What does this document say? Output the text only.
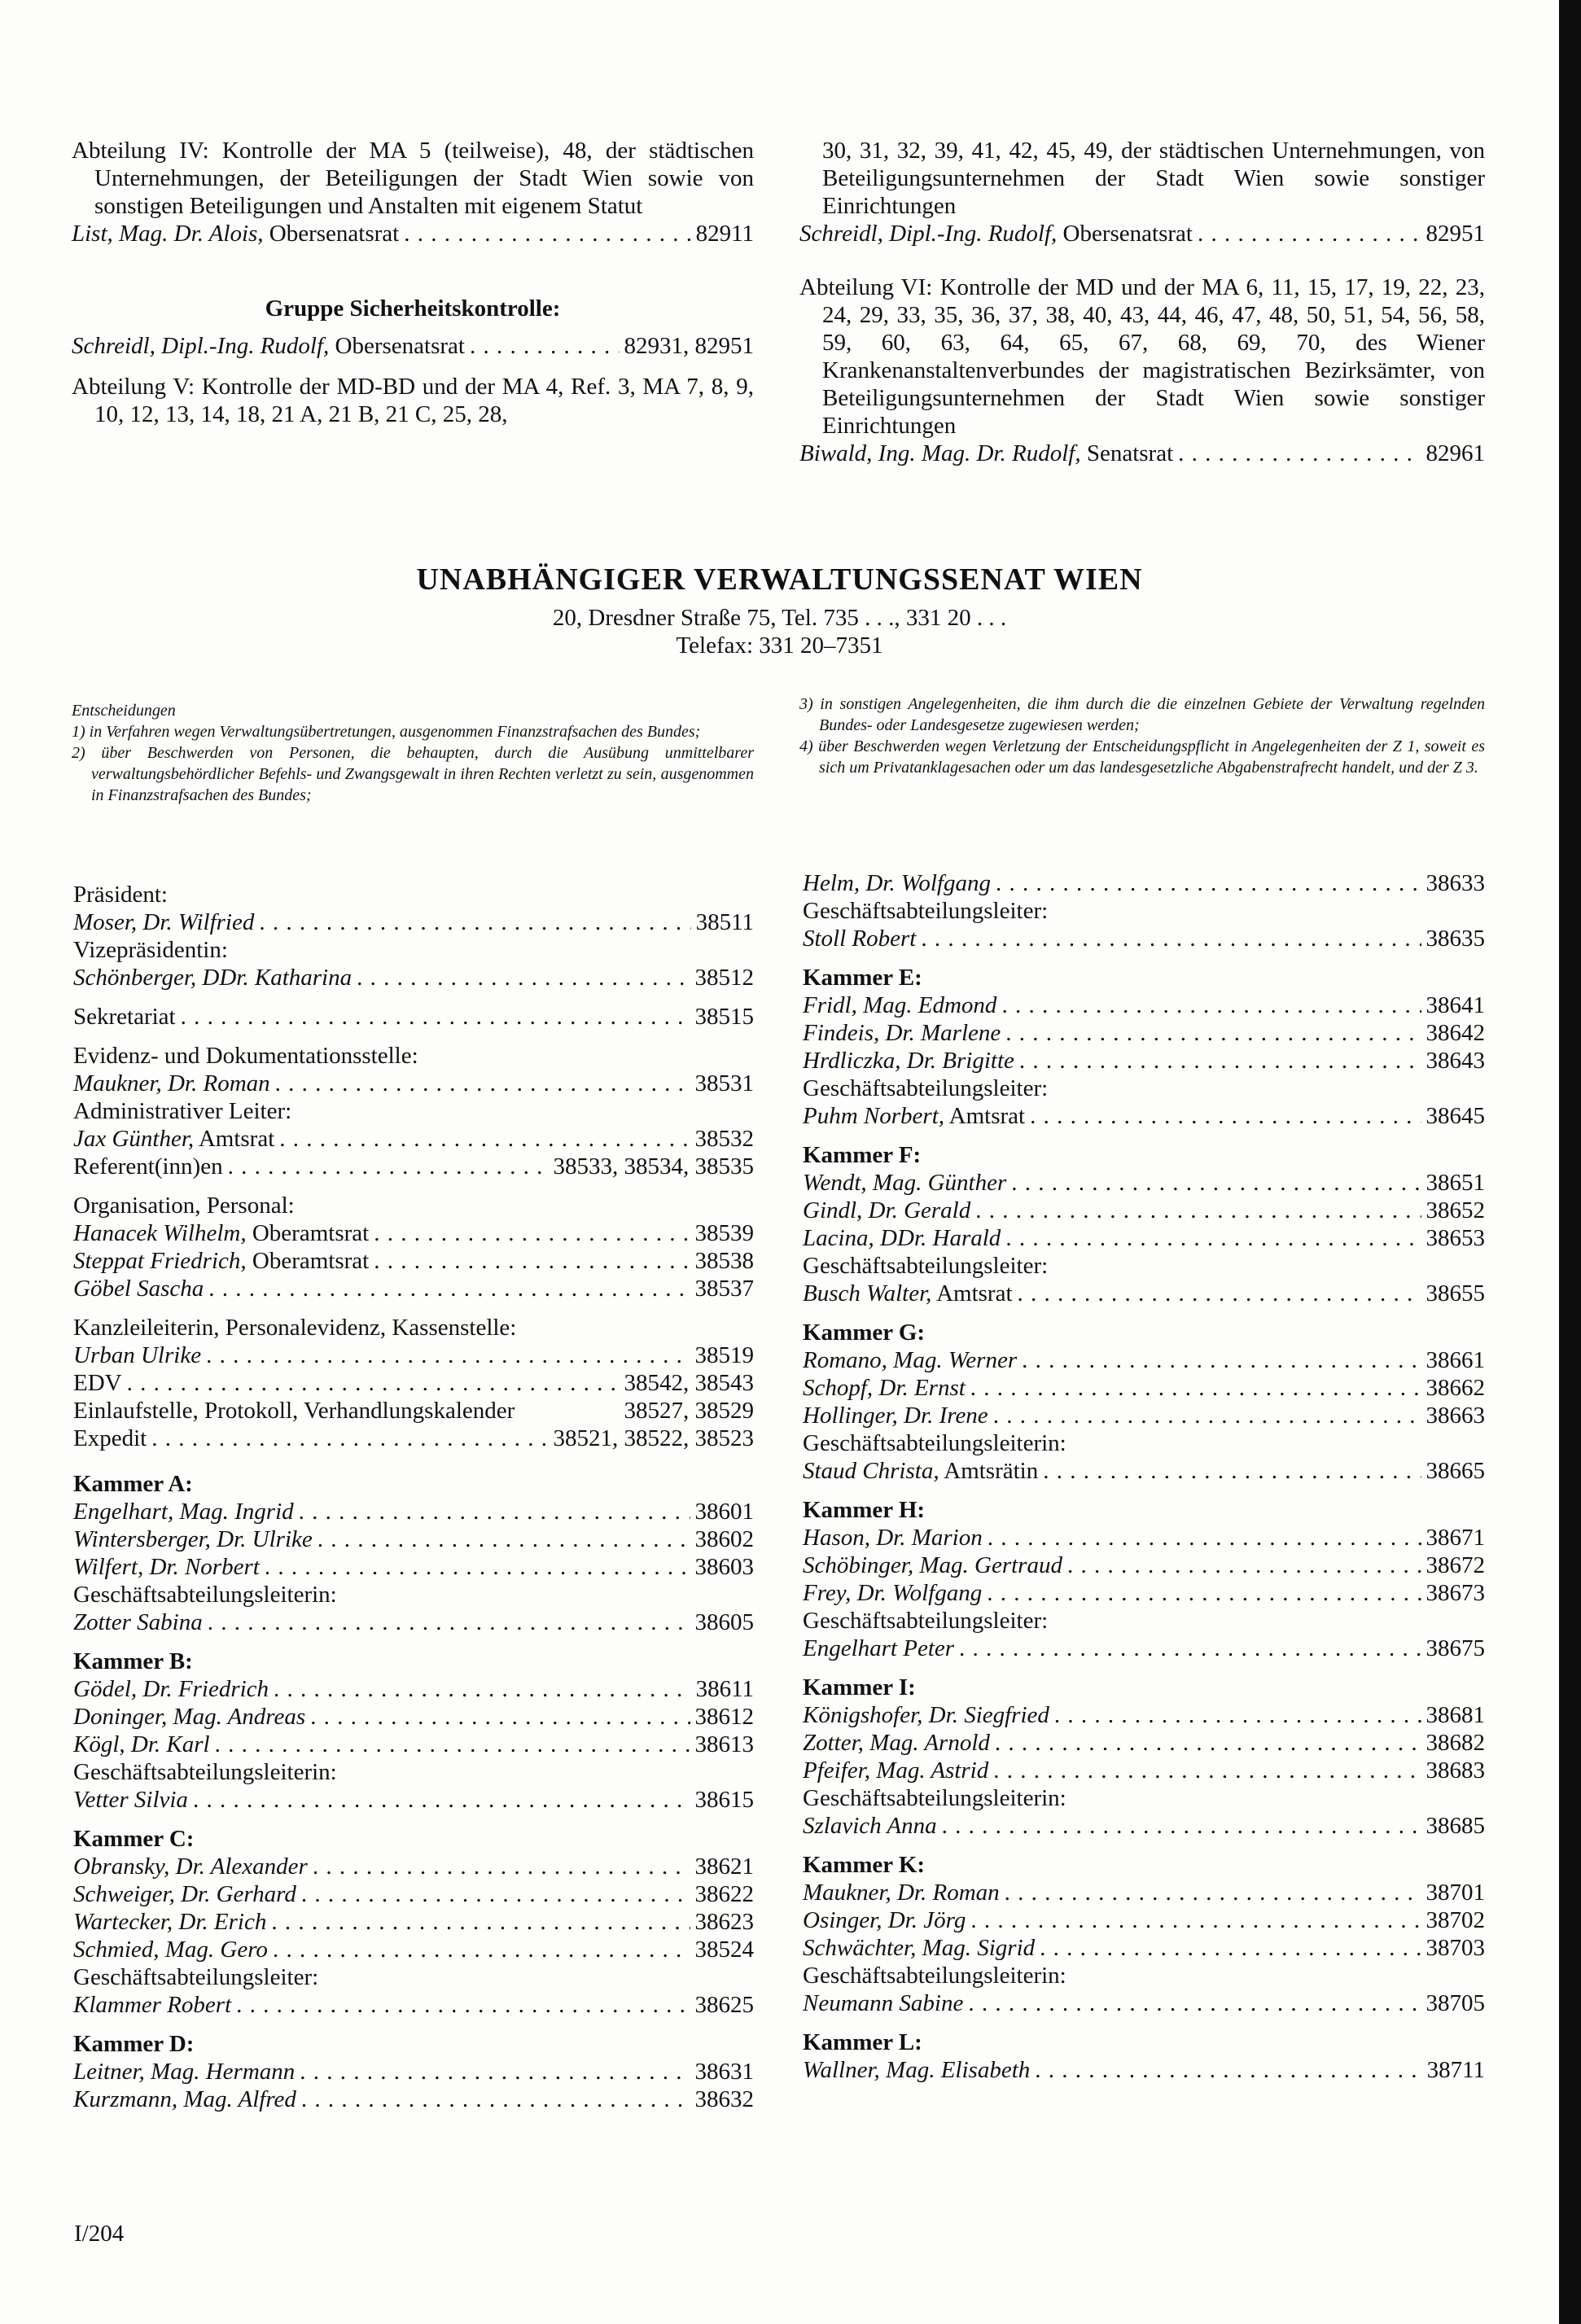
Abteilung IV: Kontrolle der MA 5 (teilweise), 48, der städtischen Unternehmungen, der Beteiligungen der Stadt Wien sowie von sonstigen Beteiligungen und Anstalten mit eigenem Statut

List, Mag. Dr. Alois, Obersenatsrat . . .	82911
Gruppe Sicherheitskontrolle:
Schreidl, Dipl.-Ing. Rudolf, Obersenatsrat . . .	82931, 82951

Abteilung V: Kontrolle der MD-BD und der MA 4, Ref. 3, MA 7, 8, 9, 10, 12, 13, 14, 18, 21 A, 21 B, 21 C, 25, 28,

30, 31, 32, 39, 41, 42, 45, 49, der städtischen Unternehmungen, von Beteiligungsunternehmen der Stadt Wien sowie sonstiger Einrichtungen

Schreidl, Dipl.-Ing. Rudolf, Obersenatsrat . . .	82951

Abteilung VI: Kontrolle der MD und der MA 6, 11, 15, 17, 19, 22, 23, 24, 29, 33, 35, 36, 37, 38, 40, 43, 44, 46, 47, 48, 50, 51, 54, 56, 58, 59, 60, 63, 64, 65, 67, 68, 69, 70, des Wiener Krankenanstaltenverbundes der magistratischen Bezirksämter, von Beteiligungsunternehmen der Stadt Wien sowie sonstiger Einrichtungen

Biwald, Ing. Mag. Dr. Rudolf, Senatsrat . . .	82961
UNABHÄNGIGER VERWALTUNGSSENAT WIEN
20, Dresdner Straße 75, Tel. 735 . . ., 331 20 . . .
Telefax: 331 20–7351

Entscheidungen

1) in Verfahren wegen Verwaltungsübertretungen, ausgenommen Finanzstrafsachen des Bundes;

2) über Beschwerden von Personen, die behaupten, durch die Ausübung unmittelbarer verwaltungsbehördlicher Befehls- und Zwangsgewalt in ihren Rechten verletzt zu sein, ausgenommen in Finanzstrafsachen des Bundes;

3) in sonstigen Angelegenheiten, die ihm durch die die einzelnen Gebiete der Verwaltung regelnden Bundes- oder Landesgesetze zugewiesen werden;

4) über Beschwerden wegen Verletzung der Entscheidungspflicht in Angelegenheiten der Z 1, soweit es sich um Privatanklagesachen oder um das landesgesetzliche Abgabenstrafrecht handelt, und der Z 3.

Präsident:
Moser, Dr. Wilfried . . .	38511
Vizepräsidentin:
Schönberger, DDr. Katharina . . .	38512
Sekretariat . . .	38515
Evidenz- und Dokumentationsstelle:
Maukner, Dr. Roman . . .	38531
Administrativer Leiter:
Jax Günther, Amtsrat . . .	38532
Referent(inn)en . . .	38533, 38534, 38535
Organisation, Personal:
Hanacek Wilhelm, Oberamtsrat . . .	38539
Steppat Friedrich, Oberamtsrat . . .	38538
Göbel Sascha . . .	38537
Kanzleileiterin, Personalevidenz, Kassenstelle:
Urban Ulrike . . .	38519
EDV . . .	38542, 38543
Einlaufstelle, Protokoll, Verhandlungskalender	38527, 38529
Expedit . . .	38521, 38522, 38523
Kammer A:
Engelhart, Mag. Ingrid . . .	38601
Wintersberger, Dr. Ulrike . . .	38602
Wilfert, Dr. Norbert . . .	38603
Geschäftsabteilungsleiterin:
Zotter Sabina . . .	38605
Kammer B:
Gödel, Dr. Friedrich . . .	38611
Doninger, Mag. Andreas . . .	38612
Kögl, Dr. Karl . . .	38613
Geschäftsabteilungsleiterin:
Vetter Silvia . . .	38615
Kammer C:
Obransky, Dr. Alexander . . .	38621
Schweiger, Dr. Gerhard . . .	38622
Wartecker, Dr. Erich . . .	38623
Schmied, Mag. Gero . . .	38524
Geschäftsabteilungsleiter:
Klammer Robert . . .	38625
Kammer D:
Leitner, Mag. Hermann . . .	38631
Kurzmann, Mag. Alfred . . .	38632
Helm, Dr. Wolfgang . . .	38633
Geschäftsabteilungsleiter:
Stoll Robert . . .	38635
Kammer E:
Fridl, Mag. Edmond . . .	38641
Findeis, Dr. Marlene . . .	38642
Hrdliczka, Dr. Brigitte . . .	38643
Geschäftsabteilungsleiter:
Puhm Norbert, Amtsrat . . .	38645
Kammer F:
Wendt, Mag. Günther . . .	38651
Gindl, Dr. Gerald . . .	38652
Lacina, DDr. Harald . . .	38653
Geschäftsabteilungsleiter:
Busch Walter, Amtsrat . . .	38655
Kammer G:
Romano, Mag. Werner . . .	38661
Schopf, Dr. Ernst . . .	38662
Hollinger, Dr. Irene . . .	38663
Geschäftsabteilungsleiterin:
Staud Christa, Amtsrätin . . .	38665
Kammer H:
Hason, Dr. Marion . . .	38671
Schöbinger, Mag. Gertraud . . .	38672
Frey, Dr. Wolfgang . . .	38673
Geschäftsabteilungsleiter:
Engelhart Peter . . .	38675
Kammer I:
Königshofer, Dr. Siegfried . . .	38681
Zotter, Mag. Arnold . . .	38682
Pfeifer, Mag. Astrid . . .	38683
Geschäftsabteilungsleiterin:
Szlavich Anna . . .	38685
Kammer K:
Maukner, Dr. Roman . . .	38701
Osinger, Dr. Jörg . . .	38702
Schwächter, Mag. Sigrid . . .	38703
Geschäftsabteilungsleiterin:
Neumann Sabine . . .	38705
Kammer L:
Wallner, Mag. Elisabeth . . .	38711
I/204
